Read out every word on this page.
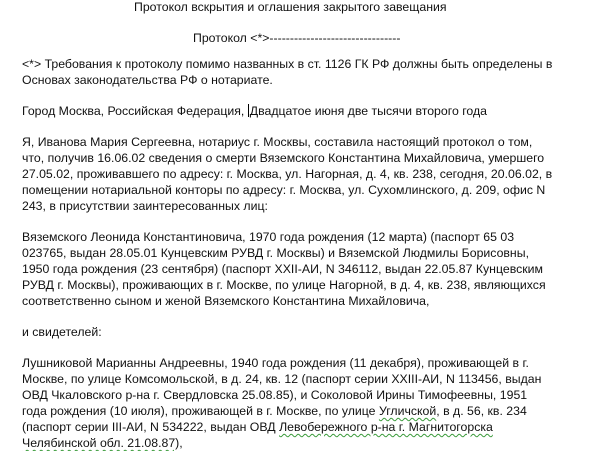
Протокол вскрытия и оглашения закрытого завещания

Протокол <*>--------------------------------

<*> Требования к протоколу помимо названных в ст. 1126 ГК РФ должны быть определены в

Основах законодательства РФ о нотариате.

Город Москва, Российская Федерация, Двадцатое июня две тысячи второго года

Я, Иванова Мария Сергеевна, нотариус г. Москвы, составила настоящий протокол о том,

что, получив 16.06.02 сведения о смерти Вяземского Константина Михайловича, умершего

27.05.02, проживавшего по адресу: г. Москва, ул. Нагорная, д. 4, кв. 238, сегодня, 20.06.02, в

помещении нотариальной конторы по адресу: г. Москва, ул. Сухомлинского, д. 209, офис N

243, в присутствии заинтересованных лиц:

Вяземского Леонида Константиновича, 1970 года рождения (12 марта) (паспорт 65 03

023765, выдан 28.05.01 Кунцевским РУВД г. Москвы) и Вяземской Людмилы Борисовны,

1950 года рождения (23 сентября) (паспорт XXII-АИ, N 346112, выдан 22.05.87 Кунцевским

РУВД г. Москвы), проживающих в г. Москве, по улице Нагорной, в д. 4, кв. 238, являющихся

соответственно сыном и женой Вяземского Константина Михайловича,

и свидетелей:

Лушниковой Марианны Андреевны, 1940 года рождения (11 декабря), проживающей в г.

Москве, по улице Комсомольской, в д. 24, кв. 12 (паспорт серии XXIII-АИ, N 113456, выдан

ОВД Чкаловского р-на г. Свердловска 25.08.85), и Соколовой Ирины Тимофеевны, 1951

года рождения (10 июля), проживающей в г. Москве, по улице Угличской, в д. 56, кв. 234

(паспорт серии III-АИ, N 534222, выдан ОВД Левобережного р-на г. Магнитогорска

Челябинской обл. 21.08.87),
